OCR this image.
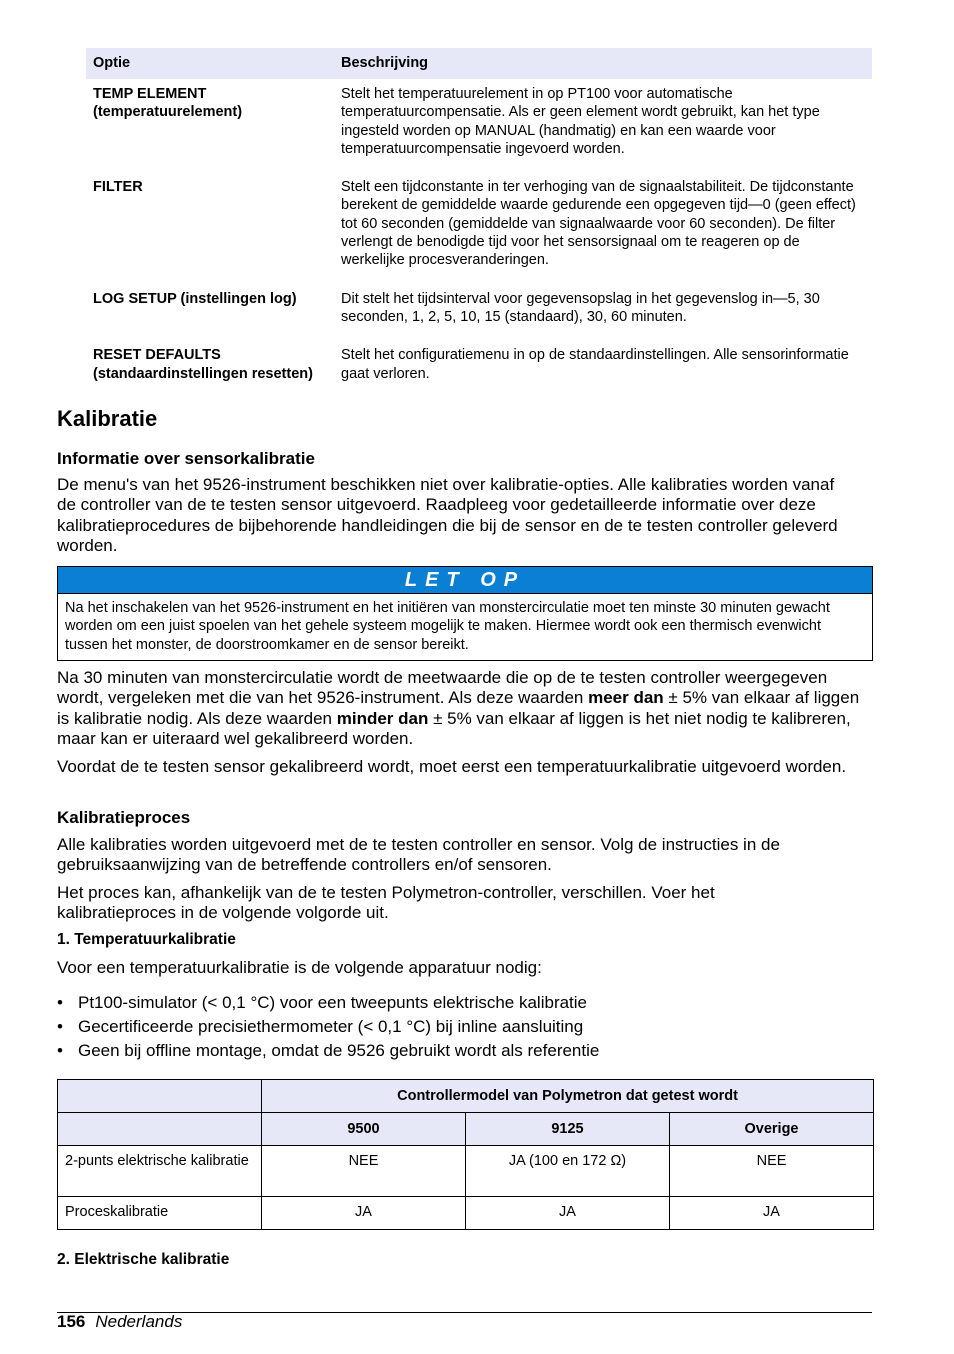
Optie	Beschrijving
TEMP ELEMENT (temperatuurelement)	Stelt het temperatuurelement in op PT100 voor automatische temperatuurcompensatie. Als er geen element wordt gebruikt, kan het type ingesteld worden op MANUAL (handmatig) en kan een waarde voor temperatuurcompensatie ingevoerd worden.
FILTER	Stelt een tijdconstante in ter verhoging van de signaalstabiliteit. De tijdconstante berekent de gemiddelde waarde gedurende een opgegeven tijd—0 (geen effect) tot 60 seconden (gemiddelde van signaalwaarde voor 60 seconden). De filter verlengt de benodigde tijd voor het sensorsignaal om te reageren op de werkelijke procesveranderingen.
LOG SETUP (instellingen log)	Dit stelt het tijdsinterval voor gegevensopslag in het gegevenslog in—5, 30 seconden, 1, 2, 5, 10, 15 (standaard), 30, 60 minuten.
RESET DEFAULTS (standaardinstellingen resetten)	Stelt het configuratiemenu in op de standaardinstellingen. Alle sensorinformatie gaat verloren.
Kalibratie
Informatie over sensorkalibratie

De menu's van het 9526-instrument beschikken niet over kalibratie-opties. Alle kalibraties worden vanaf de controller van de te testen sensor uitgevoerd. Raadpleeg voor gedetailleerde informatie over deze kalibratieprocedures de bijbehorende handleidingen die bij de sensor en de te testen controller geleverd worden.

LET OP
Na het inschakelen van het 9526-instrument en het initiëren van monstercirculatie moet ten minste 30 minuten gewacht worden om een juist spoelen van het gehele systeem mogelijk te maken. Hiermee wordt ook een thermisch evenwicht tussen het monster, de doorstroomkamer en de sensor bereikt.

Na 30 minuten van monstercirculatie wordt de meetwaarde die op de te testen controller weergegeven wordt, vergeleken met die van het 9526-instrument. Als deze waarden meer dan ± 5% van elkaar af liggen is kalibratie nodig. Als deze waarden minder dan ± 5% van elkaar af liggen is het niet nodig te kalibreren, maar kan er uiteraard wel gekalibreerd worden.

Voordat de te testen sensor gekalibreerd wordt, moet eerst een temperatuurkalibratie uitgevoerd worden.

Kalibratieproces

Alle kalibraties worden uitgevoerd met de te testen controller en sensor. Volg de instructies in de gebruiksaanwijzing van de betreffende controllers en/of sensoren.

Het proces kan, afhankelijk van de te testen Polymetron-controller, verschillen. Voer het kalibratieproces in de volgende volgorde uit.

1. Temperatuurkalibratie

Voor een temperatuurkalibratie is de volgende apparatuur nodig:

• Pt100-simulator (< 0,1 °C) voor een tweepunts elektrische kalibratie
• Gecertificeerde precisiethermometer (< 0,1 °C) bij inline aansluiting
• Geen bij offline montage, omdat de 9526 gebruikt wordt als referentie
	Controllermodel van Polymetron dat getest wordt		
	9500	9125	Overige
2-punts elektrische kalibratie	NEE	JA (100 en 172 Ω)	NEE
Proceskalibratie	JA	JA	JA
2. Elektrische kalibratie
156 Nederlands
